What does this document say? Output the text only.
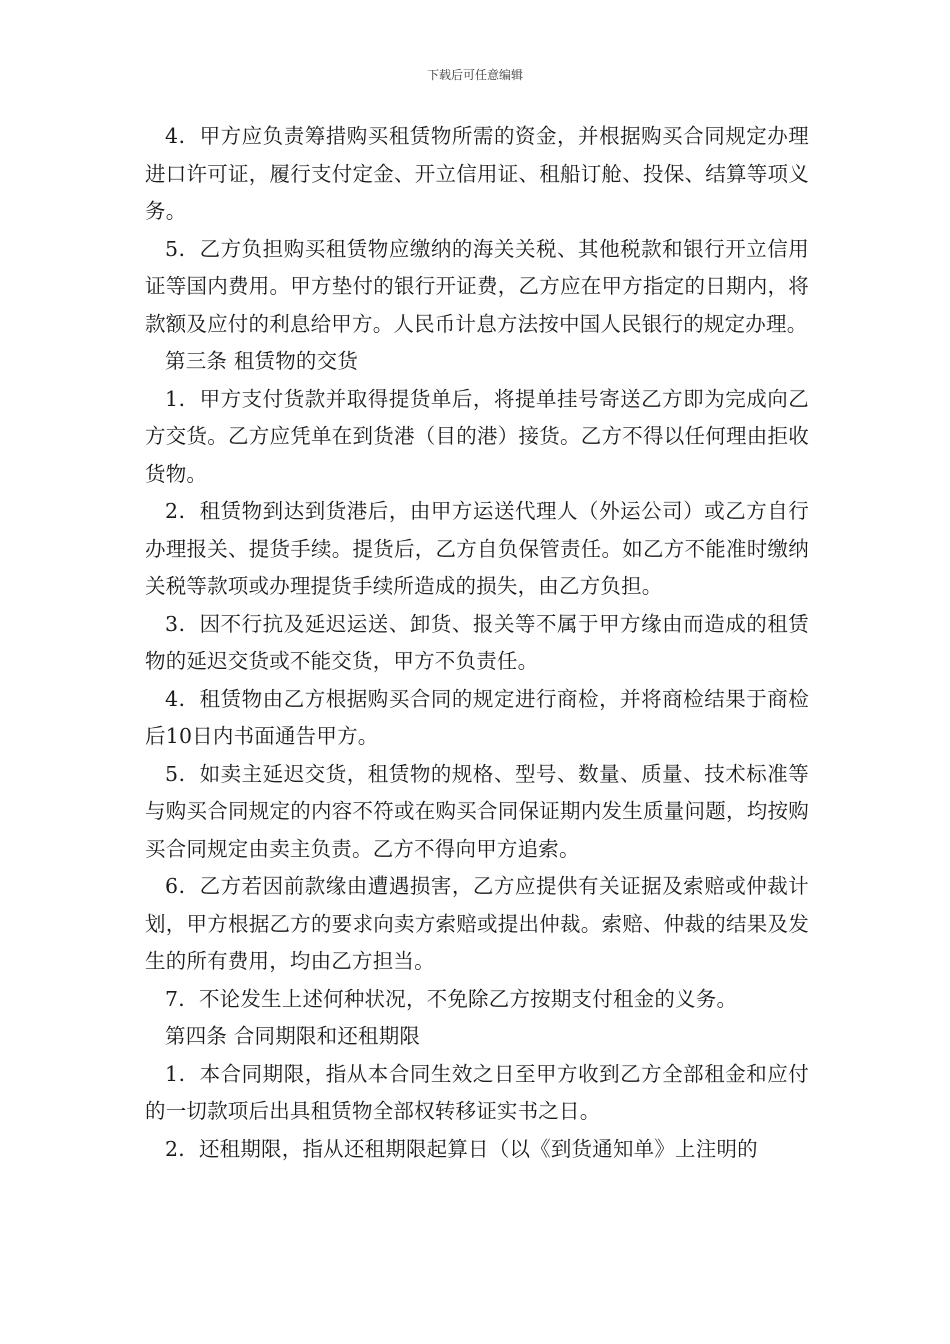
下载后可任意编辑

4．甲方应负责筹措购买租赁物所需的资金，并根据购买合同规定办理进口许可证，履行支付定金、开立信用证、租船订舱、投保、结算等项义务。

5．乙方负担购买租赁物应缴纳的海关关税、其他税款和银行开立信用证等国内费用。甲方垫付的银行开证费，乙方应在甲方指定的日期内，将款额及应付的利息给甲方。人民币计息方法按中国人民银行的规定办理。

第三条 租赁物的交货

1．甲方支付货款并取得提货单后，将提单挂号寄送乙方即为完成向乙方交货。乙方应凭单在到货港（目的港）接货。乙方不得以任何理由拒收货物。

2．租赁物到达到货港后，由甲方运送代理人（外运公司）或乙方自行办理报关、提货手续。提货后，乙方自负保管责任。如乙方不能准时缴纳关税等款项或办理提货手续所造成的损失，由乙方负担。

3．因不行抗及延迟运送、卸货、报关等不属于甲方缘由而造成的租赁物的延迟交货或不能交货，甲方不负责任。

4．租赁物由乙方根据购买合同的规定进行商检，并将商检结果于商检后10日内书面通告甲方。

5．如卖主延迟交货，租赁物的规格、型号、数量、质量、技术标准等与购买合同规定的内容不符或在购买合同保证期内发生质量问题，均按购买合同规定由卖主负责。乙方不得向甲方追索。

6．乙方若因前款缘由遭遇损害，乙方应提供有关证据及索赔或仲裁计划，甲方根据乙方的要求向卖方索赔或提出仲裁。索赔、仲裁的结果及发生的所有费用，均由乙方担当。

7．不论发生上述何种状况，不免除乙方按期支付租金的义务。

第四条 合同期限和还租期限

1．本合同期限，指从本合同生效之日至甲方收到乙方全部租金和应付的一切款项后出具租赁物全部权转移证实书之日。

2．还租期限，指从还租期限起算日（以《到货通知单》上注明的
